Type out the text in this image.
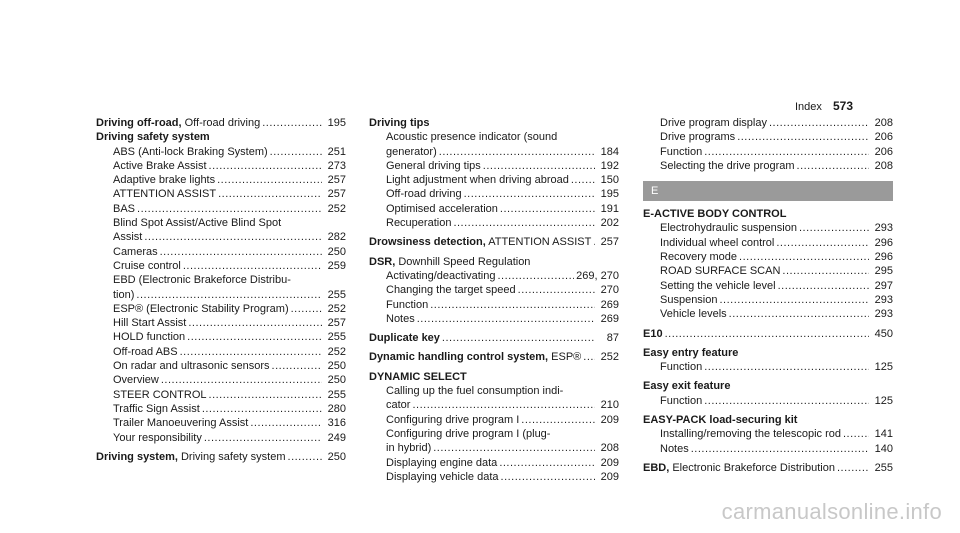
Index 573
Driving off-road, Off-road driving .....	195
Driving safety system
ABS (Anti-lock Braking System) .....	251
Active Brake Assist .....	273
Adaptive brake lights .....	257
ATTENTION ASSIST .....	257
BAS .....	252
Blind Spot Assist/Active Blind Spot
Assist .....	282
Cameras .....	250
Cruise control .....	259
EBD (Electronic Brakeforce Distribu-
tion) .....	255
ESP® (Electronic Stability Program) .....	252
Hill Start Assist .....	257
HOLD function .....	255
Off-road ABS .....	252
On radar and ultrasonic sensors .....	250
Overview .....	250
STEER CONTROL .....	255
Traffic Sign Assist .....	280
Trailer Manoeuvering Assist .....	316
Your responsibility .....	249
Driving system, Driving safety system .....	250
Driving tips
Acoustic presence indicator (sound
generator) .....	184
General driving tips .....	192
Light adjustment when driving abroad .....	150
Off-road driving .....	195
Optimised acceleration .....	191
Recuperation .....	202
Drowsiness detection, ATTENTION ASSIST ..... 257
DSR, Downhill Speed Regulation
Activating/deactivating .....	269, 270
Changing the target speed .....	270
Function .....	269
Notes .....	269
Duplicate key .....	87
Dynamic handling control system, ESP® .....	252
DYNAMIC SELECT
Calling up the fuel consumption indi-
cator .....	210
Configuring drive program I .....	209
Configuring drive program I (plug-
in hybrid) .....	208
Displaying engine data .....	209
Displaying vehicle data .....	209
Drive program display .....	208
Drive programs .....	206
Function .....	206
Selecting the drive program .....	208
E
E-ACTIVE BODY CONTROL
Electrohydraulic suspension .....	293
Individual wheel control .....	296
Recovery mode .....	296
ROAD SURFACE SCAN .....	295
Setting the vehicle level .....	297
Suspension .....	293
Vehicle levels .....	293
E10 .....	450
Easy entry feature
Function .....	125
Easy exit feature
Function .....	125
EASY-PACK load-securing kit
Installing/removing the telescopic rod .....	141
Notes .....	140
EBD, Electronic Brakeforce Distribution .....	255
carmanualsonline.info
